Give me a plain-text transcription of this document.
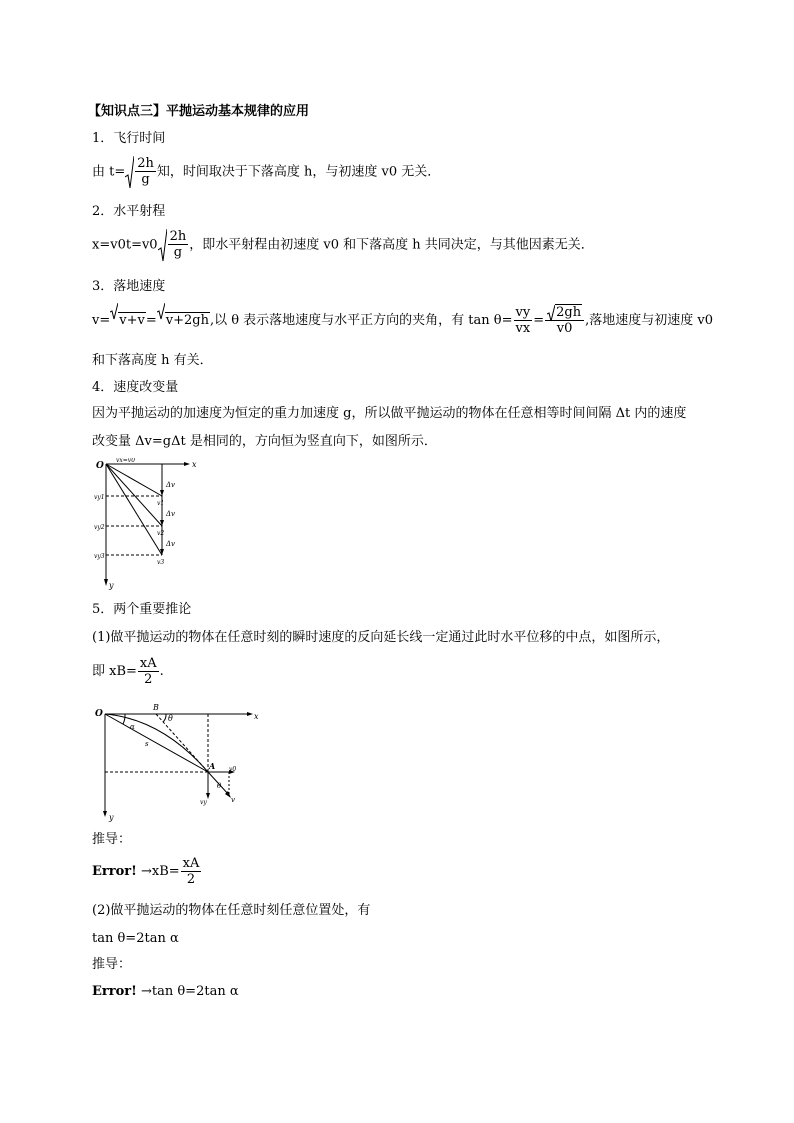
【知识点三】平抛运动基本规律的应用
1．飞行时间
由 $t= \frac{2h}{g}$ 知，时间取决于下落高度 h，与初速度 v0 无关．
2．水平射程
$x=v0t=v0 \frac{2h}{g}$ ，即水平射程由初速度 v0 和下落高度 h 共同决定，与其他因素无关．
3．落地速度
v= v+v= v+2gh,以 θ 表示落地速度与水平正方向的夹角，有 $\tan \theta= \frac{vy}{vx} = \frac{2gh}{v0}$ ,落地速度与初速度 v0
和下落高度 h 有关．
4．速度改变量
因为平抛运动的加速度为恒定的重力加速度 g，所以做平抛运动的物体在任意相等时间间隔 Δt 内的速度
改变量 Δv=gΔt 是相同的，方向恒为竖直向下，如图所示．
O	x
y
vx=v0
vy1
vy2
vy3
v1
v2
v3
Δv
Δv
Δv
5．两个重要推论
(1)做平抛运动的物体在任意时刻的瞬时速度的反向延长线一定通过此时水平位移的中点，如图所示，
即 $xB= \frac{xA}{2}$ .
O	x
y
B
θ
α
s
A v0
θ
vy	v
推导：
Error! $\to xB= \frac{xA}{2}$
(2)做平抛运动的物体在任意时刻任意位置处，有
tan θ=2tan α
推导：
Error! →tan θ=2tan α
